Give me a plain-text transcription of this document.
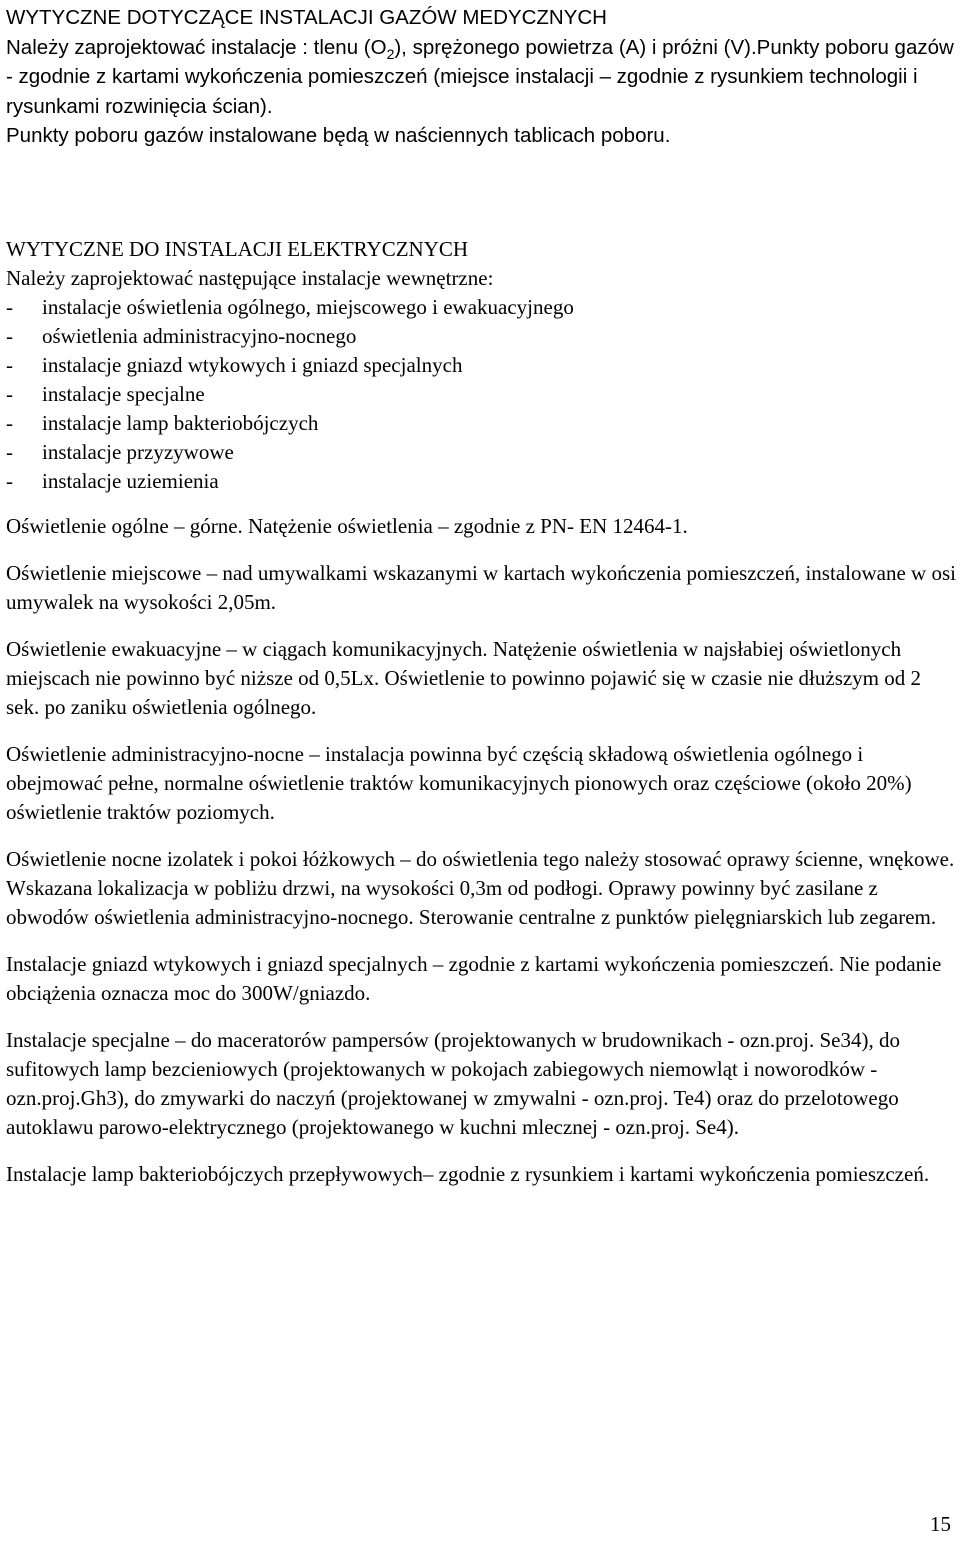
WYTYCZNE DOTYCZĄCE INSTALACJI GAZÓW MEDYCZNYCH

Należy zaprojektować instalacje : tlenu $(O_2)$, sprężonego powietrza (A) i próżni (V).Punkty poboru gazów - zgodnie z kartami wykończenia pomieszczeń (miejsce instalacji – zgodnie z rysunkiem technologii i rysunkami rozwinięcia ścian).

Punkty poboru gazów instalowane będą w naściennych tablicach poboru.

WYTYCZNE DO INSTALACJI ELEKTRYCZNYCH

Należy zaprojektować następujące instalacje wewnętrzne:

-	instalacje oświetlenia ogólnego, miejscowego i ewakuacyjnego
-	oświetlenia administracyjno-nocnego
-	instalacje gniazd wtykowych i gniazd specjalnych
-	instalacje specjalne
-	instalacje lamp bakteriobójczych
-	instalacje przyzywowe
-	instalacje uziemienia

Oświetlenie ogólne – górne. Natężenie oświetlenia – zgodnie z PN- EN 12464-1.

Oświetlenie miejscowe – nad umywalkami wskazanymi w kartach wykończenia pomieszczeń, instalowane w osi umywalek na wysokości 2,05m.

Oświetlenie ewakuacyjne – w ciągach komunikacyjnych. Natężenie oświetlenia w najsłabiej oświetlonych miejscach nie powinno być niższe od 0,5Lx. Oświetlenie to powinno pojawić się w czasie nie dłuższym od 2 sek. po zaniku oświetlenia ogólnego.

Oświetlenie administracyjno-nocne – instalacja powinna być częścią składową oświetlenia ogólnego i obejmować pełne, normalne oświetlenie traktów komunikacyjnych pionowych oraz częściowe (około 20%) oświetlenie traktów poziomych.

Oświetlenie nocne izolatek i pokoi łóżkowych – do oświetlenia tego należy stosować oprawy ścienne, wnękowe. Wskazana lokalizacja w pobliżu drzwi, na wysokości 0,3m od podłogi. Oprawy powinny być zasilane z obwodów oświetlenia administracyjno-nocnego. Sterowanie centralne z punktów pielęgniarskich lub zegarem.

Instalacje gniazd wtykowych i gniazd specjalnych – zgodnie z kartami wykończenia pomieszczeń. Nie podanie obciążenia oznacza moc do 300W/gniazdo.

Instalacje specjalne – do maceratorów pampersów (projektowanych w brudownikach - ozn.proj. Se34), do sufitowych lamp bezcieniowych (projektowanych w pokojach zabiegowych niemowląt i noworodków - ozn.proj.Gh3), do zmywarki do naczyń (projektowanej w zmywalni - ozn.proj. Te4) oraz do przelotowego autoklawu parowo-elektrycznego (projektowanego w kuchni mlecznej - ozn.proj. Se4).

Instalacje lamp bakteriobójczych przepływowych– zgodnie z rysunkiem i kartami wykończenia pomieszczeń.

15
